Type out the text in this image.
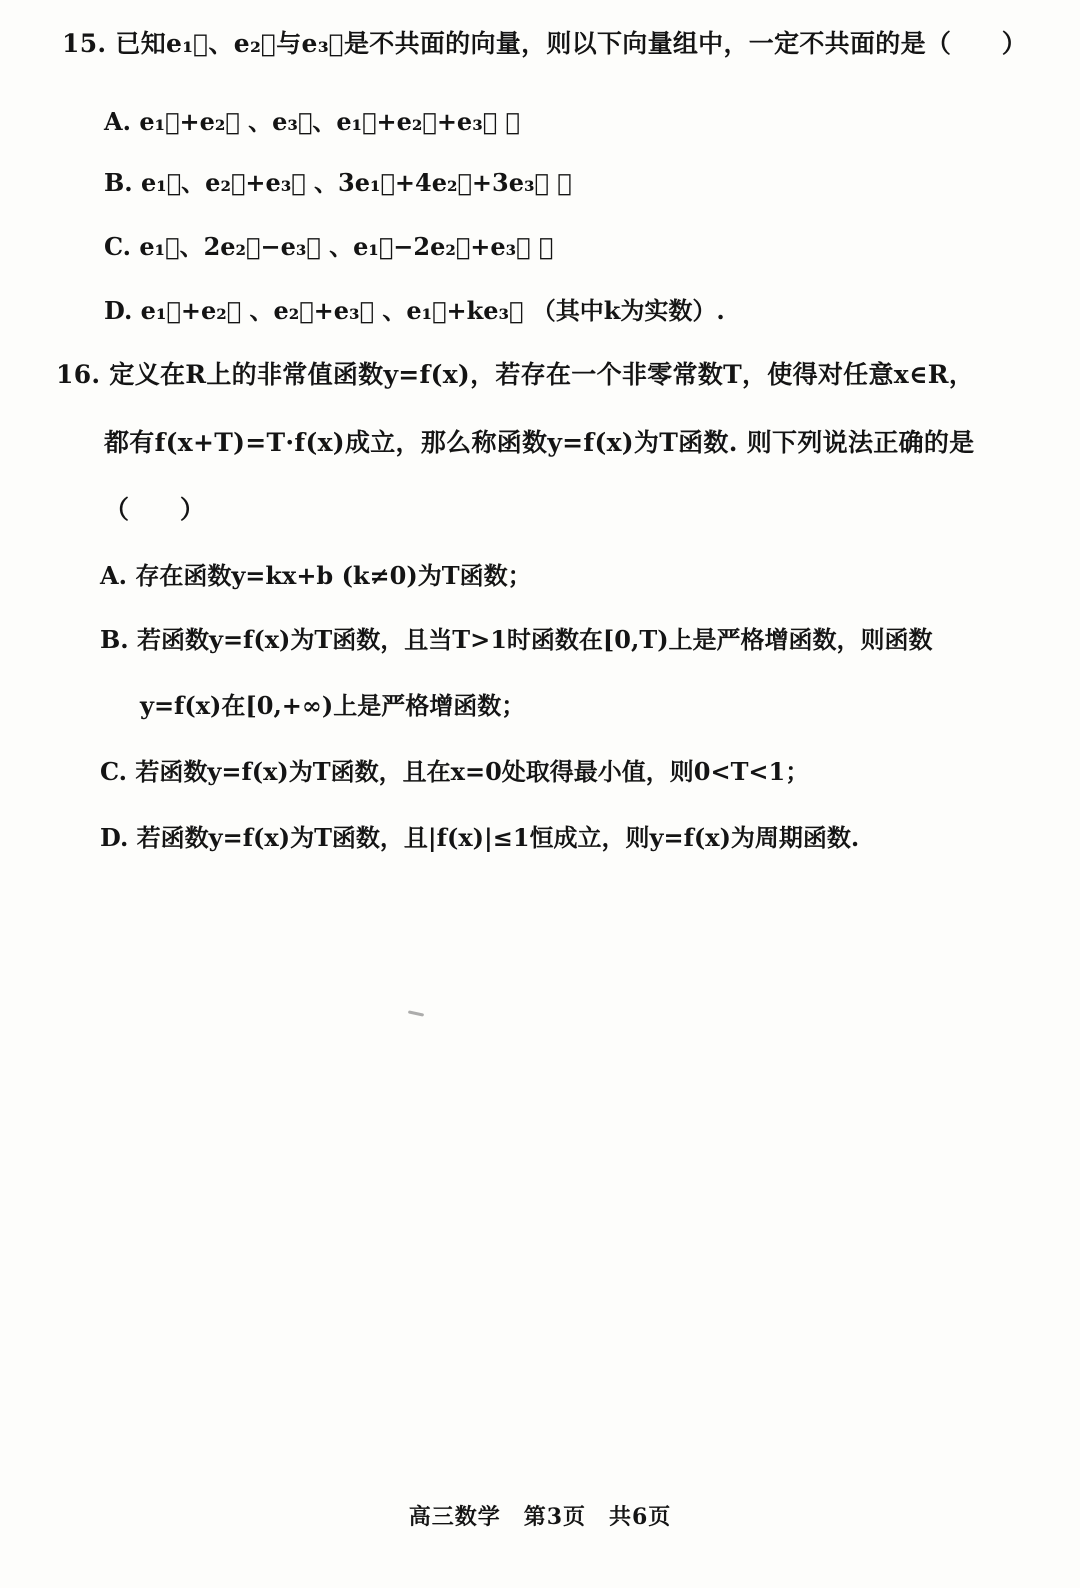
15. 已知e₁⃗、e₂⃗与e₃⃗是不共面的向量，则以下向量组中，一定不共面的是（　　）
A. e₁⃗+e₂⃗ 、e₃⃗、e₁⃗+e₂⃗+e₃⃗ ；
B. e₁⃗、e₂⃗+e₃⃗ 、3e₁⃗+4e₂⃗+3e₃⃗ ；
C. e₁⃗、2e₂⃗−e₃⃗ 、e₁⃗−2e₂⃗+e₃⃗ ；
D. e₁⃗+e₂⃗ 、e₂⃗+e₃⃗ 、e₁⃗+ke₃⃗ （其中k为实数）.
16. 定义在R上的非常值函数y=f(x)，若存在一个非零常数T，使得对任意x∈R，
都有f(x+T)=T·f(x)成立，那么称函数y=f(x)为T函数. 则下列说法正确的是
（　　）
A. 存在函数y=kx+b (k≠0)为T函数；
B. 若函数y=f(x)为T函数，且当T>1时函数在[0,T)上是严格增函数，则函数
y=f(x)在[0,+∞)上是严格增函数；
C. 若函数y=f(x)为T函数，且在x=0处取得最小值，则0<T<1；
D. 若函数y=f(x)为T函数，且|f(x)|≤1恒成立，则y=f(x)为周期函数.
高三数学　第3页　共6页
